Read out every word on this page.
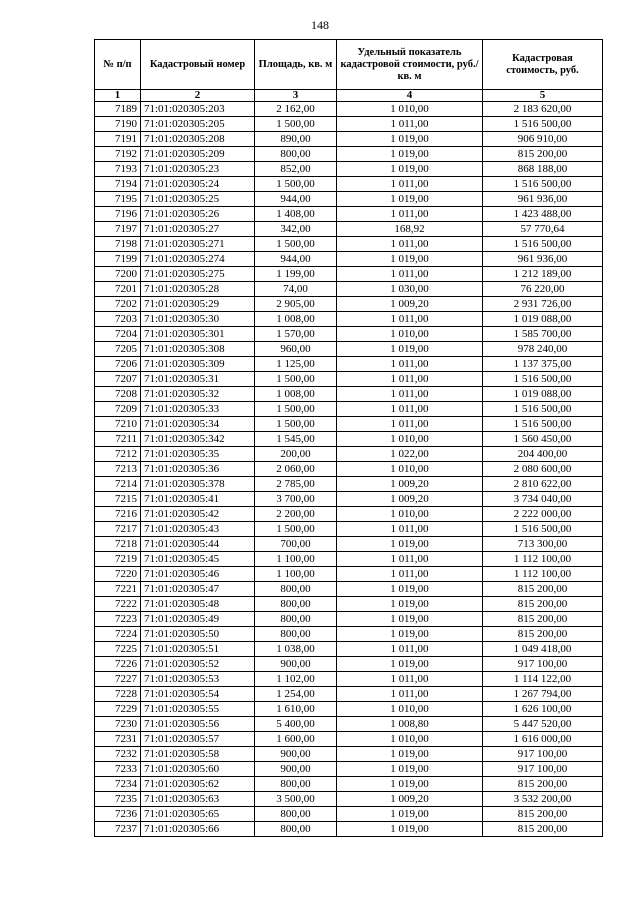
148
№ п/п	Кадастровый номер	Площадь, кв. м	Удельный показатель кадастровой стоимости, руб./кв. м	Кадастровая стоимость, руб.
1	2	3	4	5
7189	71:01:020305:203	2 162,00	1 010,00	2 183 620,00
7190	71:01:020305:205	1 500,00	1 011,00	1 516 500,00
7191	71:01:020305:208	890,00	1 019,00	906 910,00
7192	71:01:020305:209	800,00	1 019,00	815 200,00
7193	71:01:020305:23	852,00	1 019,00	868 188,00
7194	71:01:020305:24	1 500,00	1 011,00	1 516 500,00
7195	71:01:020305:25	944,00	1 019,00	961 936,00
7196	71:01:020305:26	1 408,00	1 011,00	1 423 488,00
7197	71:01:020305:27	342,00	168,92	57 770,64
7198	71:01:020305:271	1 500,00	1 011,00	1 516 500,00
7199	71:01:020305:274	944,00	1 019,00	961 936,00
7200	71:01:020305:275	1 199,00	1 011,00	1 212 189,00
7201	71:01:020305:28	74,00	1 030,00	76 220,00
7202	71:01:020305:29	2 905,00	1 009,20	2 931 726,00
7203	71:01:020305:30	1 008,00	1 011,00	1 019 088,00
7204	71:01:020305:301	1 570,00	1 010,00	1 585 700,00
7205	71:01:020305:308	960,00	1 019,00	978 240,00
7206	71:01:020305:309	1 125,00	1 011,00	1 137 375,00
7207	71:01:020305:31	1 500,00	1 011,00	1 516 500,00
7208	71:01:020305:32	1 008,00	1 011,00	1 019 088,00
7209	71:01:020305:33	1 500,00	1 011,00	1 516 500,00
7210	71:01:020305:34	1 500,00	1 011,00	1 516 500,00
7211	71:01:020305:342	1 545,00	1 010,00	1 560 450,00
7212	71:01:020305:35	200,00	1 022,00	204 400,00
7213	71:01:020305:36	2 060,00	1 010,00	2 080 600,00
7214	71:01:020305:378	2 785,00	1 009,20	2 810 622,00
7215	71:01:020305:41	3 700,00	1 009,20	3 734 040,00
7216	71:01:020305:42	2 200,00	1 010,00	2 222 000,00
7217	71:01:020305:43	1 500,00	1 011,00	1 516 500,00
7218	71:01:020305:44	700,00	1 019,00	713 300,00
7219	71:01:020305:45	1 100,00	1 011,00	1 112 100,00
7220	71:01:020305:46	1 100,00	1 011,00	1 112 100,00
7221	71:01:020305:47	800,00	1 019,00	815 200,00
7222	71:01:020305:48	800,00	1 019,00	815 200,00
7223	71:01:020305:49	800,00	1 019,00	815 200,00
7224	71:01:020305:50	800,00	1 019,00	815 200,00
7225	71:01:020305:51	1 038,00	1 011,00	1 049 418,00
7226	71:01:020305:52	900,00	1 019,00	917 100,00
7227	71:01:020305:53	1 102,00	1 011,00	1 114 122,00
7228	71:01:020305:54	1 254,00	1 011,00	1 267 794,00
7229	71:01:020305:55	1 610,00	1 010,00	1 626 100,00
7230	71:01:020305:56	5 400,00	1 008,80	5 447 520,00
7231	71:01:020305:57	1 600,00	1 010,00	1 616 000,00
7232	71:01:020305:58	900,00	1 019,00	917 100,00
7233	71:01:020305:60	900,00	1 019,00	917 100,00
7234	71:01:020305:62	800,00	1 019,00	815 200,00
7235	71:01:020305:63	3 500,00	1 009,20	3 532 200,00
7236	71:01:020305:65	800,00	1 019,00	815 200,00
7237	71:01:020305:66	800,00	1 019,00	815 200,00
